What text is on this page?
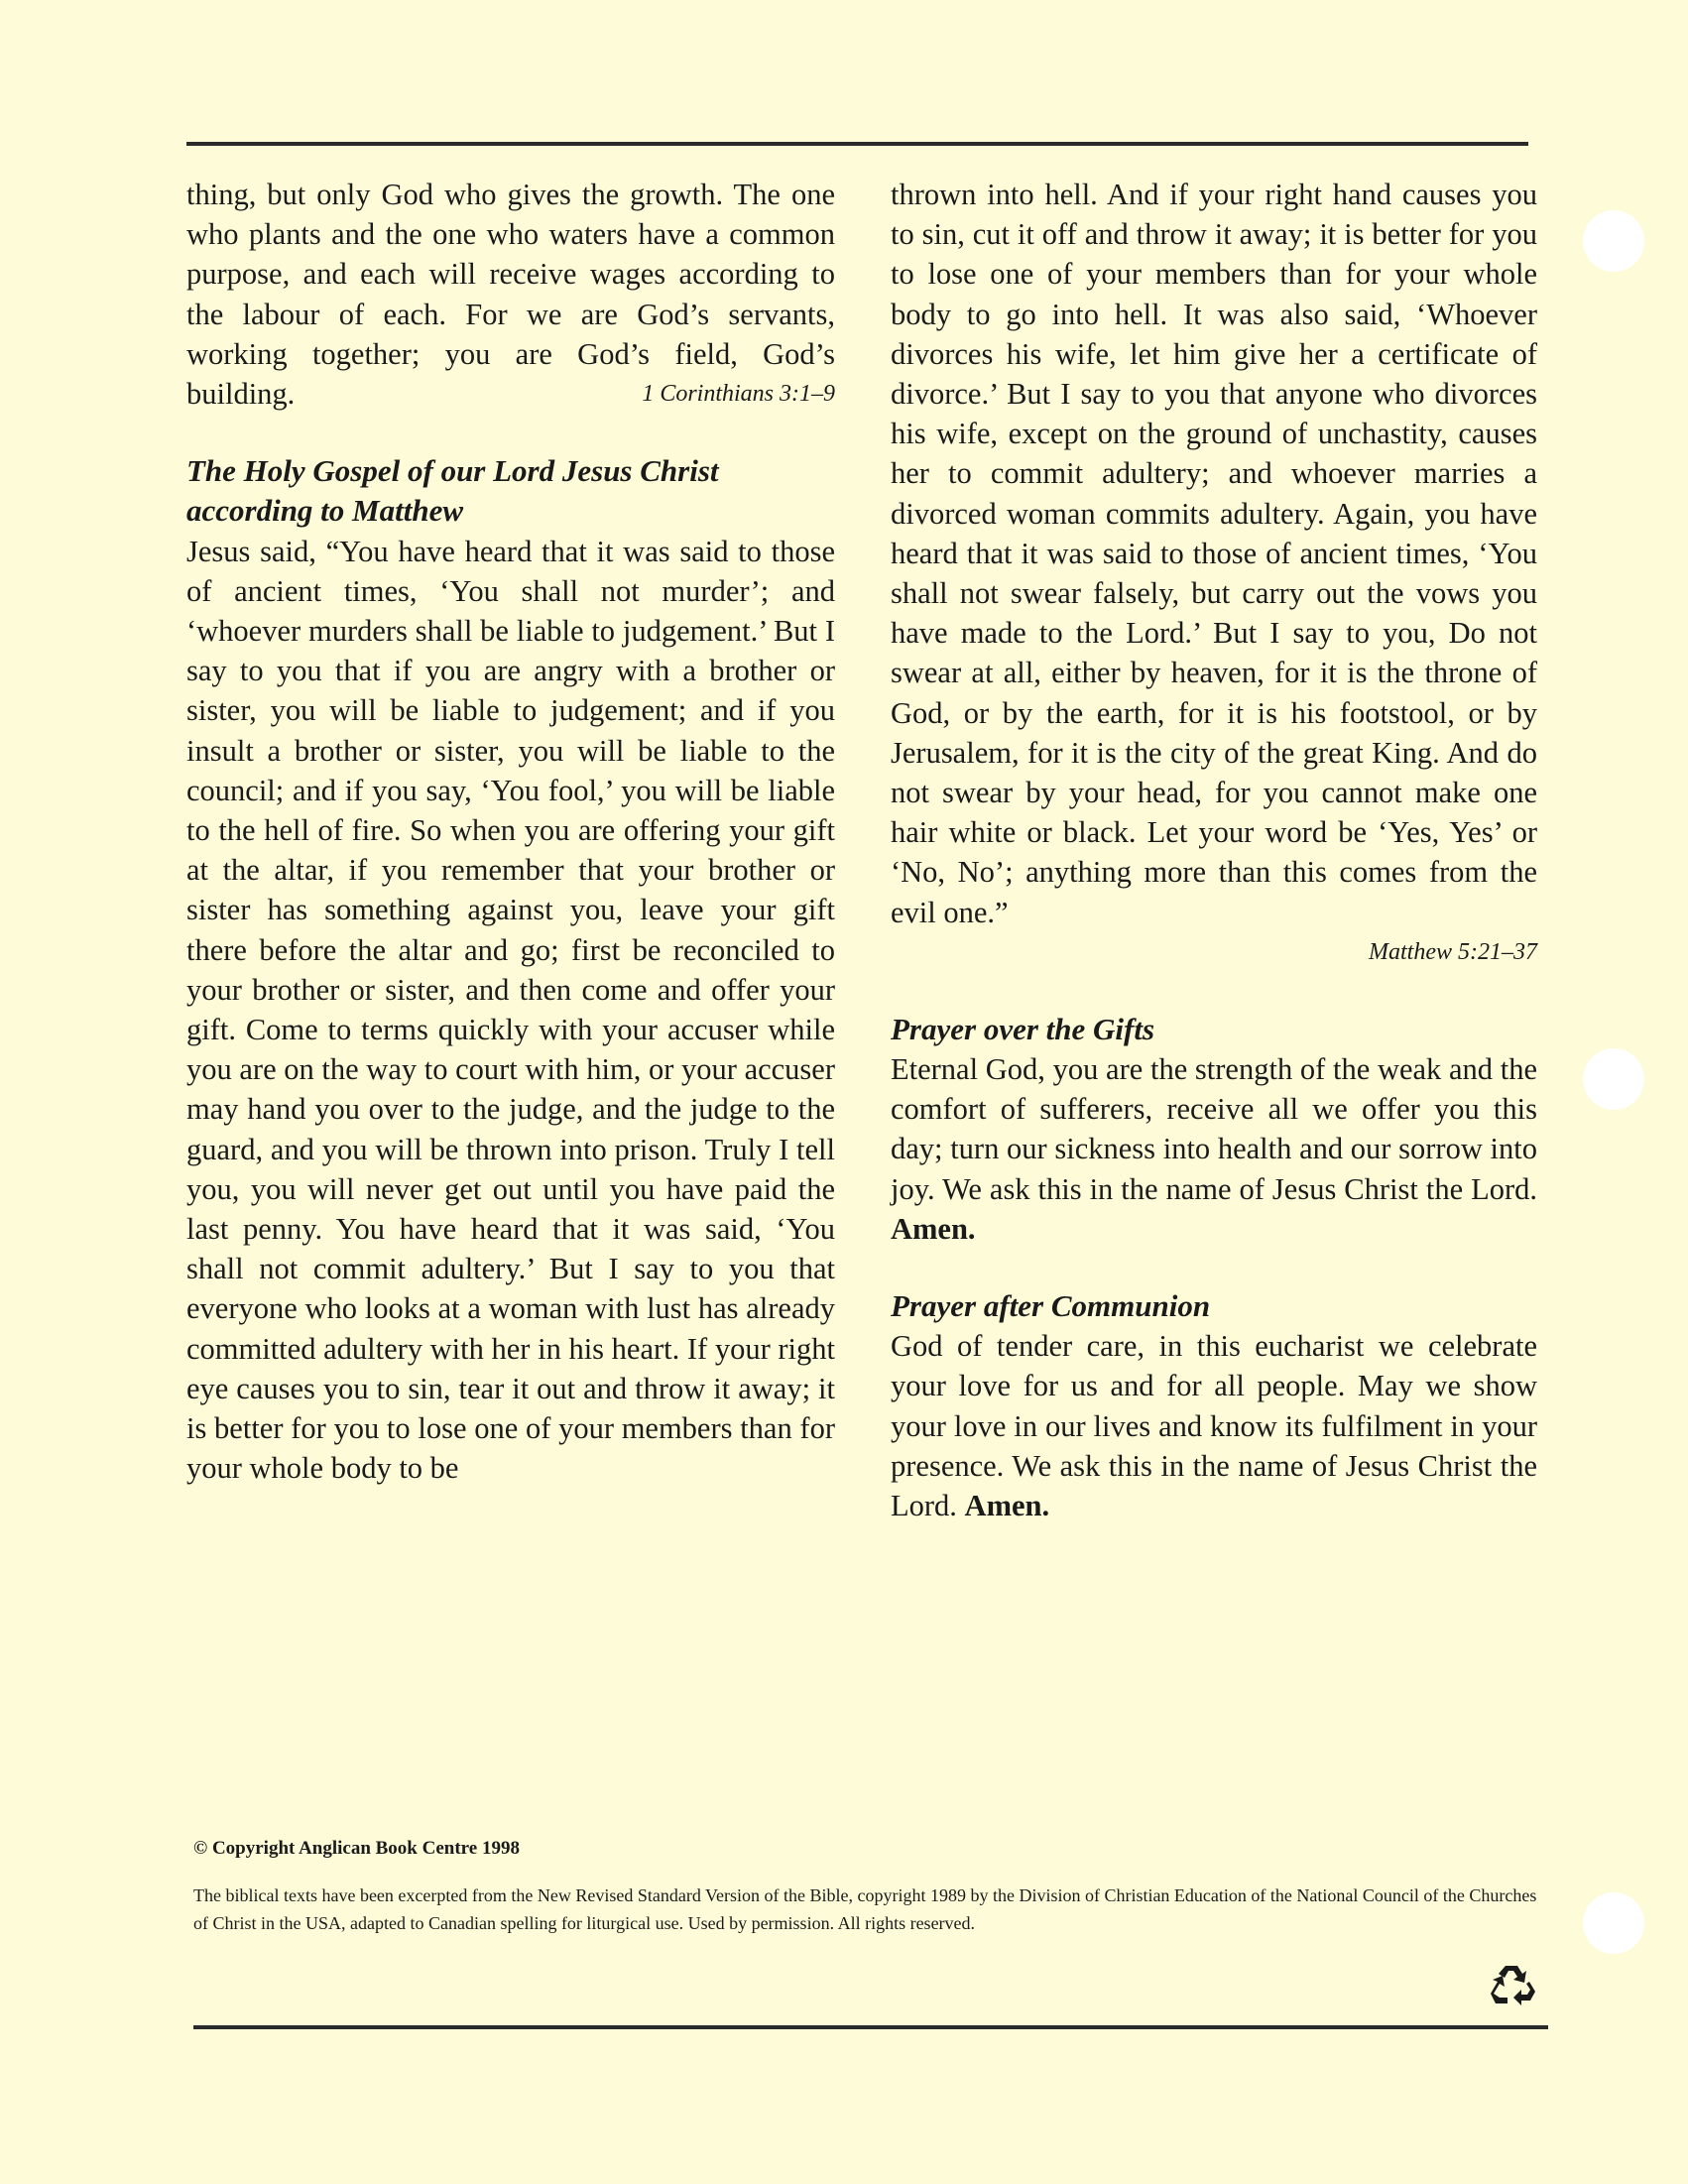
thing, but only God who gives the growth. The one who plants and the one who waters have a common purpose, and each will receive wages according to the labour of each. For we are God’s servants, working together; you are God’s field, God’s building.	1 Corinthians 3:1–9

The Holy Gospel of our Lord Jesus Christ according to Matthew

Jesus said, “You have heard that it was said to those of ancient times, ‘You shall not murder’; and ‘whoever murders shall be liable to judgement.’ But I say to you that if you are angry with a brother or sister, you will be liable to judgement; and if you insult a brother or sister, you will be liable to the council; and if you say, ‘You fool,’ you will be liable to the hell of fire. So when you are offering your gift at the altar, if you remember that your brother or sister has something against you, leave your gift there before the altar and go; first be reconciled to your brother or sister, and then come and offer your gift. Come to terms quickly with your accuser while you are on the way to court with him, or your accuser may hand you over to the judge, and the judge to the guard, and you will be thrown into prison. Truly I tell you, you will never get out until you have paid the last penny. You have heard that it was said, ‘You shall not commit adultery.’ But I say to you that everyone who looks at a woman with lust has already committed adultery with her in his heart. If your right eye causes you to sin, tear it out and throw it away; it is better for you to lose one of your members than for your whole body to be

thrown into hell. And if your right hand causes you to sin, cut it off and throw it away; it is better for you to lose one of your members than for your whole body to go into hell. It was also said, ‘Whoever divorces his wife, let him give her a certificate of divorce.’ But I say to you that anyone who divorces his wife, except on the ground of unchastity, causes her to commit adultery; and whoever marries a divorced woman commits adultery. Again, you have heard that it was said to those of ancient times, ‘You shall not swear falsely, but carry out the vows you have made to the Lord.’ But I say to you, Do not swear at all, either by heaven, for it is the throne of God, or by the earth, for it is his footstool, or by Jerusalem, for it is the city of the great King. And do not swear by your head, for you cannot make one hair white or black. Let your word be ‘Yes, Yes’ or ‘No, No’; anything more than this comes from the evil one.”

Matthew 5:21–37
Prayer over the Gifts

Eternal God, you are the strength of the weak and the comfort of sufferers, receive all we offer you this day; turn our sickness into health and our sorrow into joy. We ask this in the name of Jesus Christ the Lord. Amen.

Prayer after Communion

God of tender care, in this eucharist we celebrate your love for us and for all people. May we show your love in our lives and know its fulfilment in your presence. We ask this in the name of Jesus Christ the Lord. Amen.

© Copyright Anglican Book Centre 1998
The biblical texts have been excerpted from the New Revised Standard Version of the Bible, copyright 1989 by the Division of Christian Education of the National Council of the Churches of Christ in the USA, adapted to Canadian spelling for liturgical use. Used by permission. All rights reserved.
